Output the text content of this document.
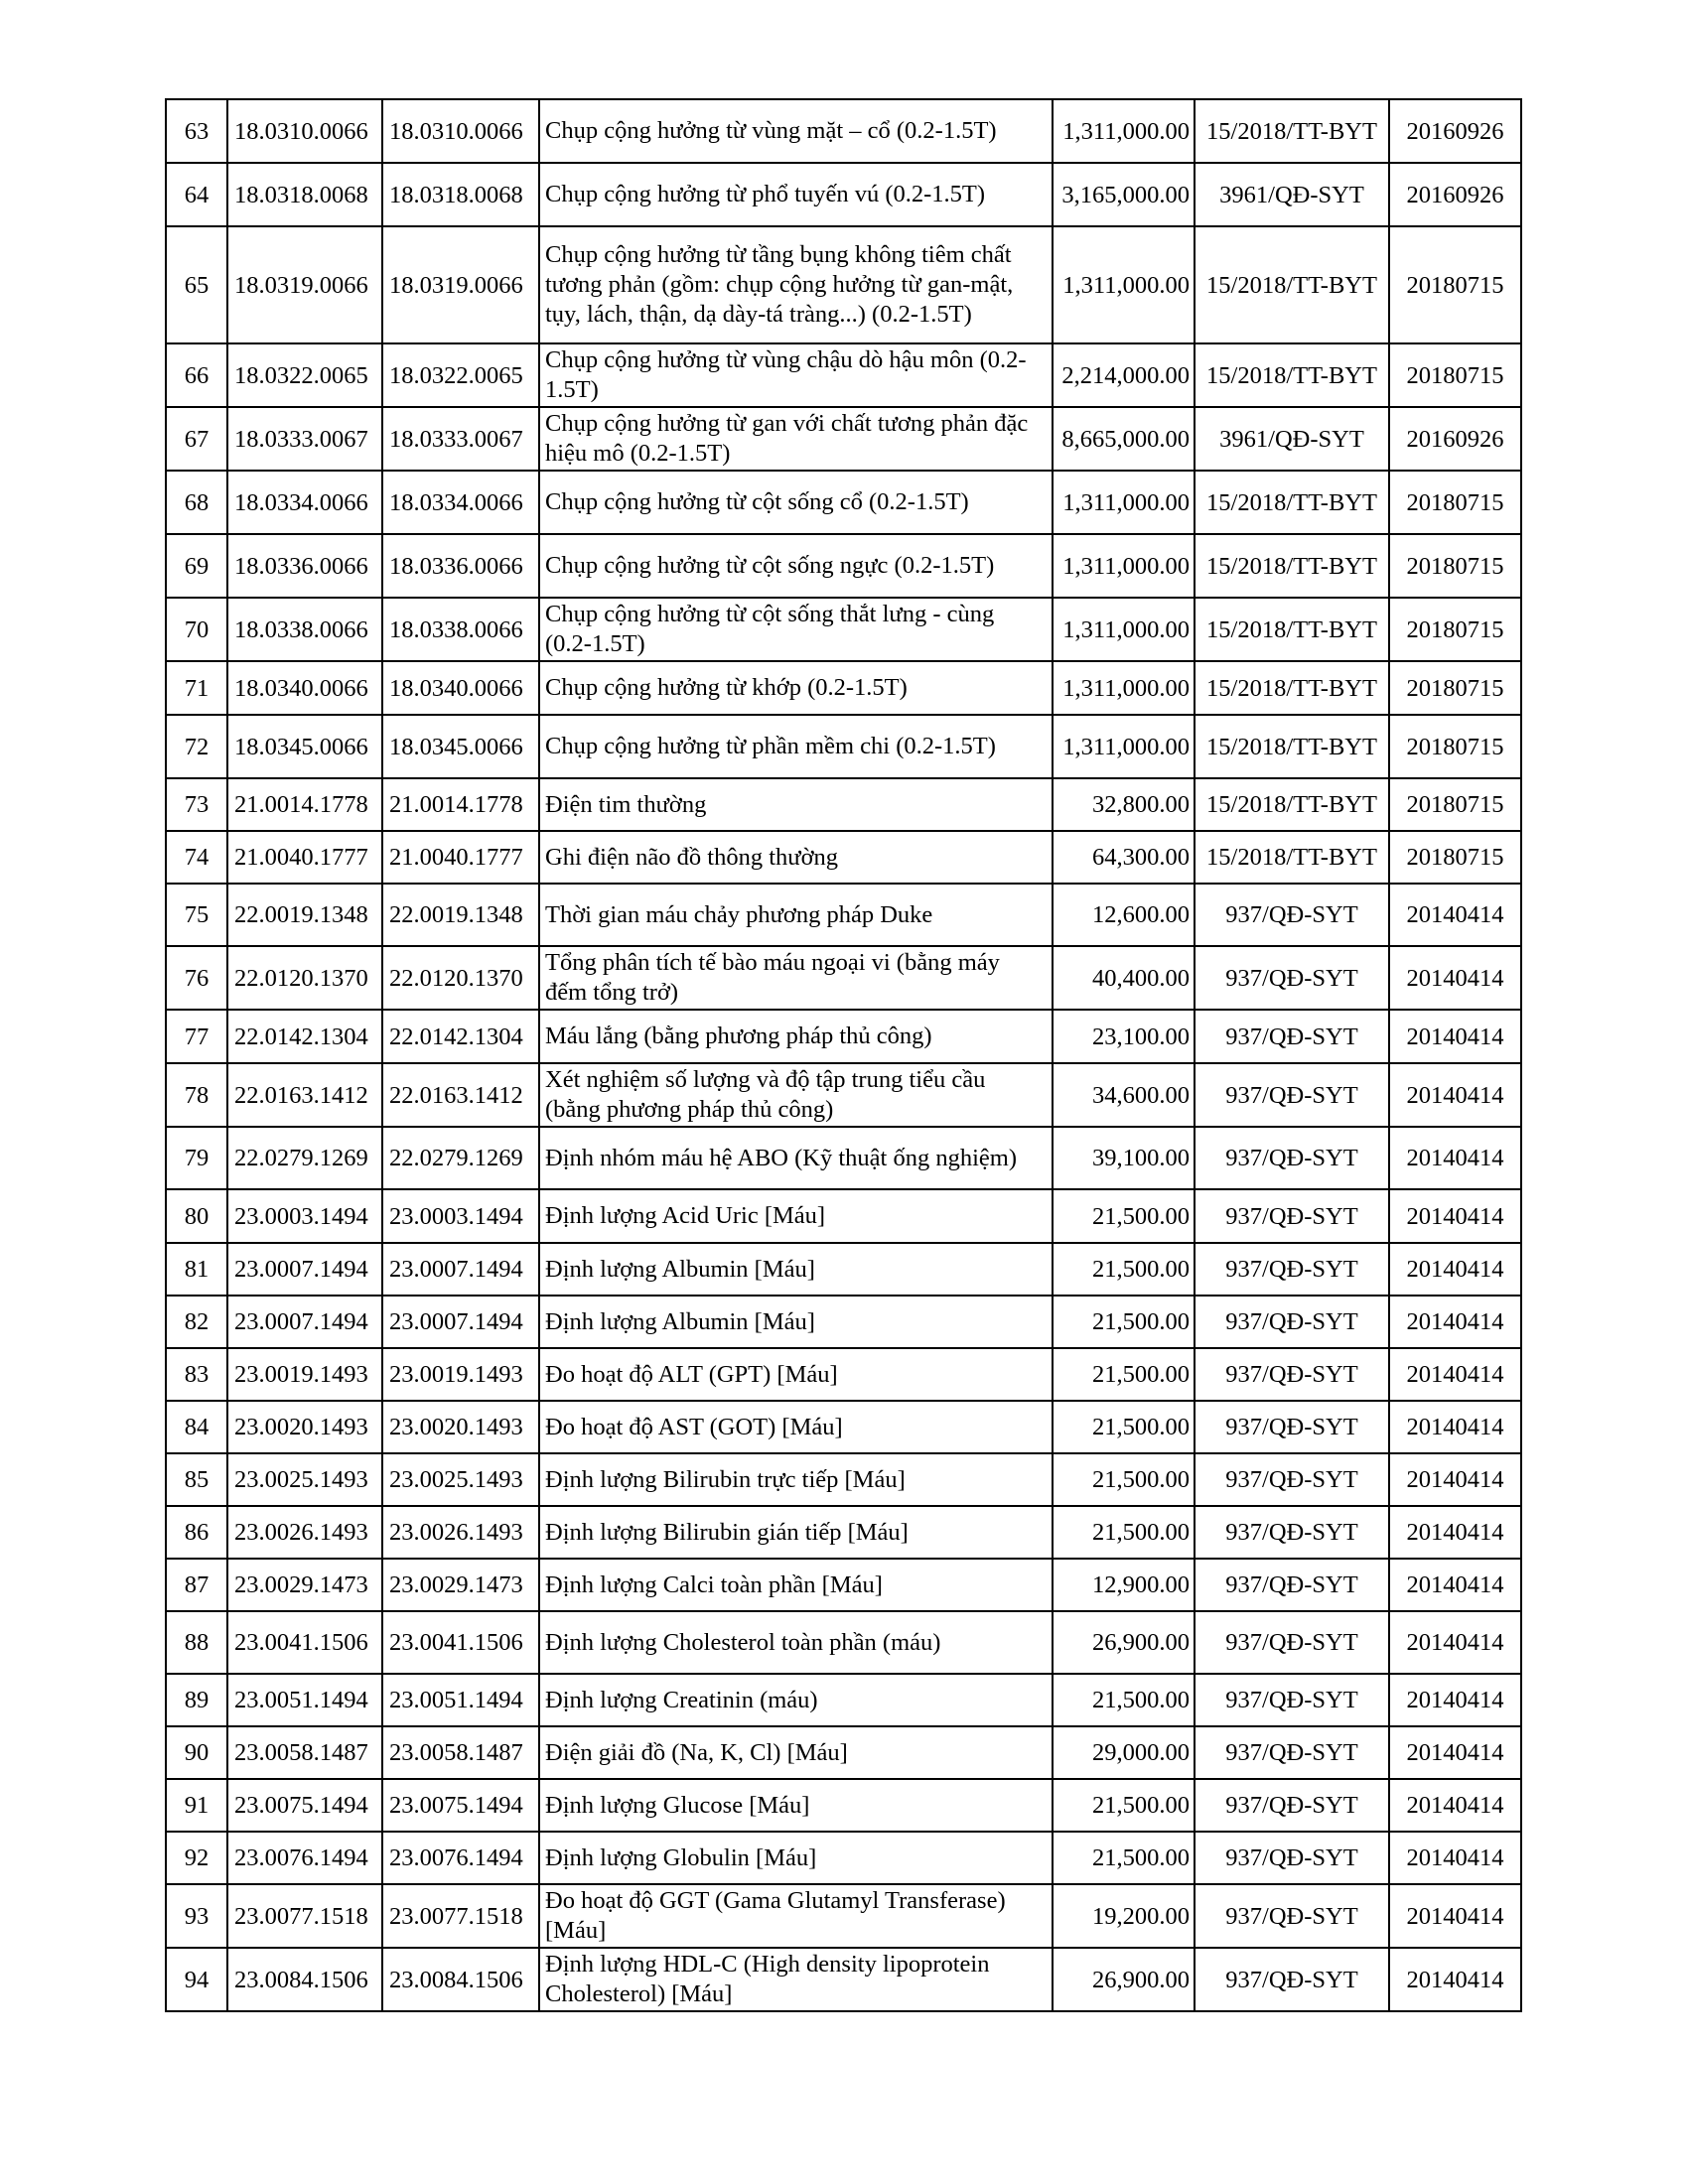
63	18.0310.0066	18.0310.0066	Chụp cộng hưởng từ vùng mặt – cổ (0.2-1.5T)	1,311,000.00	15/2018/TT-BYT	20160926
64	18.0318.0068	18.0318.0068	Chụp cộng hưởng từ phổ tuyến vú (0.2-1.5T)	3,165,000.00	3961/QĐ-SYT	20160926
65	18.0319.0066	18.0319.0066	Chụp cộng hưởng từ tầng bụng không tiêm chất tương phản (gồm: chụp cộng hưởng từ gan-mật, tụy, lách, thận, dạ dày-tá tràng...) (0.2-1.5T)	1,311,000.00	15/2018/TT-BYT	20180715
66	18.0322.0065	18.0322.0065	Chụp cộng hưởng từ vùng chậu dò hậu môn (0.2-1.5T)	2,214,000.00	15/2018/TT-BYT	20180715
67	18.0333.0067	18.0333.0067	Chụp cộng hưởng từ gan với chất tương phản đặc hiệu mô (0.2-1.5T)	8,665,000.00	3961/QĐ-SYT	20160926
68	18.0334.0066	18.0334.0066	Chụp cộng hưởng từ cột sống cổ (0.2-1.5T)	1,311,000.00	15/2018/TT-BYT	20180715
69	18.0336.0066	18.0336.0066	Chụp cộng hưởng từ cột sống ngực (0.2-1.5T)	1,311,000.00	15/2018/TT-BYT	20180715
70	18.0338.0066	18.0338.0066	Chụp cộng hưởng từ cột sống thắt lưng - cùng (0.2-1.5T)	1,311,000.00	15/2018/TT-BYT	20180715
71	18.0340.0066	18.0340.0066	Chụp cộng hưởng từ khớp (0.2-1.5T)	1,311,000.00	15/2018/TT-BYT	20180715
72	18.0345.0066	18.0345.0066	Chụp cộng hưởng từ phần mềm chi (0.2-1.5T)	1,311,000.00	15/2018/TT-BYT	20180715
73	21.0014.1778	21.0014.1778	Điện tim thường	32,800.00	15/2018/TT-BYT	20180715
74	21.0040.1777	21.0040.1777	Ghi điện não đồ thông thường	64,300.00	15/2018/TT-BYT	20180715
75	22.0019.1348	22.0019.1348	Thời gian máu chảy phương pháp Duke	12,600.00	937/QĐ-SYT	20140414
76	22.0120.1370	22.0120.1370	Tổng phân tích tế bào máu ngoại vi (bằng máy đếm tổng trở)	40,400.00	937/QĐ-SYT	20140414
77	22.0142.1304	22.0142.1304	Máu lắng (bằng phương pháp thủ công)	23,100.00	937/QĐ-SYT	20140414
78	22.0163.1412	22.0163.1412	Xét nghiệm số lượng và độ tập trung tiểu cầu (bằng phương pháp thủ công)	34,600.00	937/QĐ-SYT	20140414
79	22.0279.1269	22.0279.1269	Định nhóm máu hệ ABO (Kỹ thuật ống nghiệm)	39,100.00	937/QĐ-SYT	20140414
80	23.0003.1494	23.0003.1494	Định lượng Acid Uric [Máu]	21,500.00	937/QĐ-SYT	20140414
81	23.0007.1494	23.0007.1494	Định lượng Albumin [Máu]	21,500.00	937/QĐ-SYT	20140414
82	23.0007.1494	23.0007.1494	Định lượng Albumin [Máu]	21,500.00	937/QĐ-SYT	20140414
83	23.0019.1493	23.0019.1493	Đo hoạt độ ALT (GPT) [Máu]	21,500.00	937/QĐ-SYT	20140414
84	23.0020.1493	23.0020.1493	Đo hoạt độ AST (GOT) [Máu]	21,500.00	937/QĐ-SYT	20140414
85	23.0025.1493	23.0025.1493	Định lượng Bilirubin trực tiếp [Máu]	21,500.00	937/QĐ-SYT	20140414
86	23.0026.1493	23.0026.1493	Định lượng Bilirubin gián tiếp [Máu]	21,500.00	937/QĐ-SYT	20140414
87	23.0029.1473	23.0029.1473	Định lượng Calci toàn phần [Máu]	12,900.00	937/QĐ-SYT	20140414
88	23.0041.1506	23.0041.1506	Định lượng Cholesterol toàn phần (máu)	26,900.00	937/QĐ-SYT	20140414
89	23.0051.1494	23.0051.1494	Định lượng Creatinin (máu)	21,500.00	937/QĐ-SYT	20140414
90	23.0058.1487	23.0058.1487	Điện giải đồ (Na, K, Cl) [Máu]	29,000.00	937/QĐ-SYT	20140414
91	23.0075.1494	23.0075.1494	Định lượng Glucose [Máu]	21,500.00	937/QĐ-SYT	20140414
92	23.0076.1494	23.0076.1494	Định lượng Globulin [Máu]	21,500.00	937/QĐ-SYT	20140414
93	23.0077.1518	23.0077.1518	Đo hoạt độ GGT (Gama Glutamyl Transferase) [Máu]	19,200.00	937/QĐ-SYT	20140414
94	23.0084.1506	23.0084.1506	Định lượng HDL-C (High density lipoprotein Cholesterol) [Máu]	26,900.00	937/QĐ-SYT	20140414
